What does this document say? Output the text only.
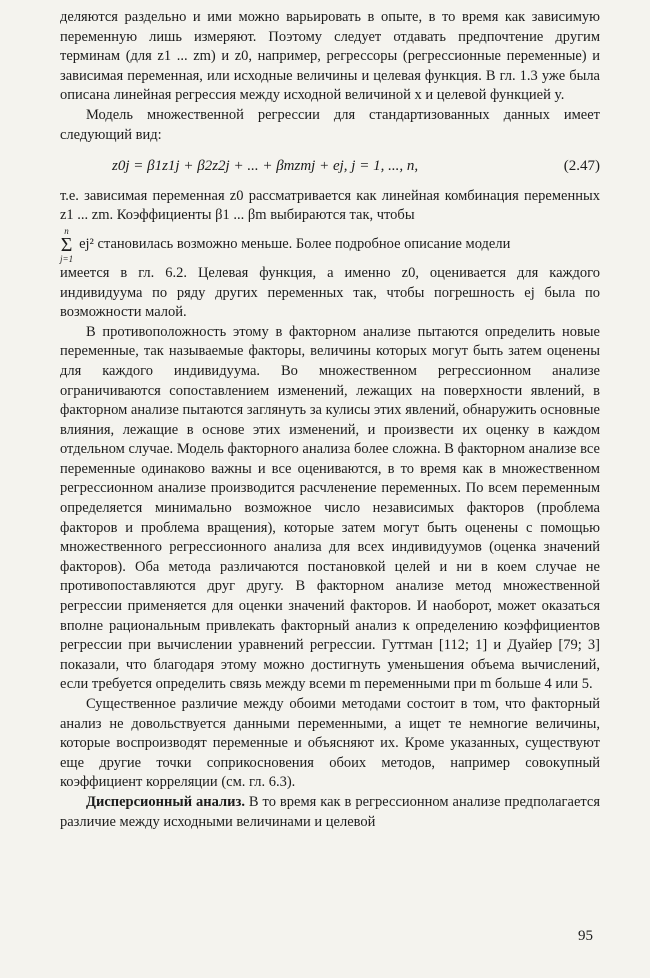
деляются раздельно и ими можно варьировать в опыте, в то время как зависимую переменную лишь измеряют. Поэтому следует отдавать предпочтение другим терминам (для z1 ... zm) и z0, например, регрессоры (регрессионные переменные) и зависимая переменная, или исходные величины и целевая функция. В гл. 1.3 уже была описана линейная регрессия между исходной величиной x и целевой функцией y.

Модель множественной регрессии для стандартизованных данных имеет следующий вид:

z0j = β1z1j + β2z2j + ... + βmzmj + ej, j = 1, ..., n,	(2.47)

т.е. зависимая переменная z0 рассматривается как линейная комбинация переменных z1 ... zm. Коэффициенты β1 ... βm выбираются так, чтобы

n
Σ
j=1
ej² становилась возможно меньше. Более подробное описание модели

имеется в гл. 6.2. Целевая функция, а именно z0, оценивается для каждого индивидуума по ряду других переменных так, чтобы погрешность ej была по возможности малой.

В противоположность этому в факторном анализе пытаются определить новые переменные, так называемые факторы, величины которых могут быть затем оценены для каждого индивидуума. Во множественном регрессионном анализе ограничиваются сопоставлением изменений, лежащих на поверхности явлений, в факторном анализе пытаются заглянуть за кулисы этих явлений, обнаружить основные влияния, лежащие в основе этих изменений, и произвести их оценку в каждом отдельном случае. Модель факторного анализа более сложна. В факторном анализе все переменные одинаково важны и все оцениваются, в то время как в множественном регрессионном анализе производится расчленение переменных. По всем переменным определяется минимально возможное число независимых факторов (проблема факторов и проблема вращения), которые затем могут быть оценены с помощью множественного регрессионного анализа для всех индивидуумов (оценка значений факторов). Оба метода различаются постановкой целей и ни в коем случае не противопоставляются друг другу. В факторном анализе метод множественной регрессии применяется для оценки значений факторов. И наоборот, может оказаться вполне рациональным привлекать факторный анализ к определению коэффициентов регрессии при вычислении уравнений регрессии. Гуттман [112; 1] и Дуайер [79; 3] показали, что благодаря этому можно достигнуть уменьшения объема вычислений, если требуется определить связь между всеми m переменными при m больше 4 или 5.

Существенное различие между обоими методами состоит в том, что факторный анализ не довольствуется данными переменными, а ищет те немногие величины, которые воспроизводят переменные и объясняют их. Кроме указанных, существуют еще другие точки соприкосновения обоих методов, например совокупный коэффициент корреляции (см. гл. 6.3).

Дисперсионный анализ. В то время как в регрессионном анализе предполагается различие между исходными величинами и целевой

95
